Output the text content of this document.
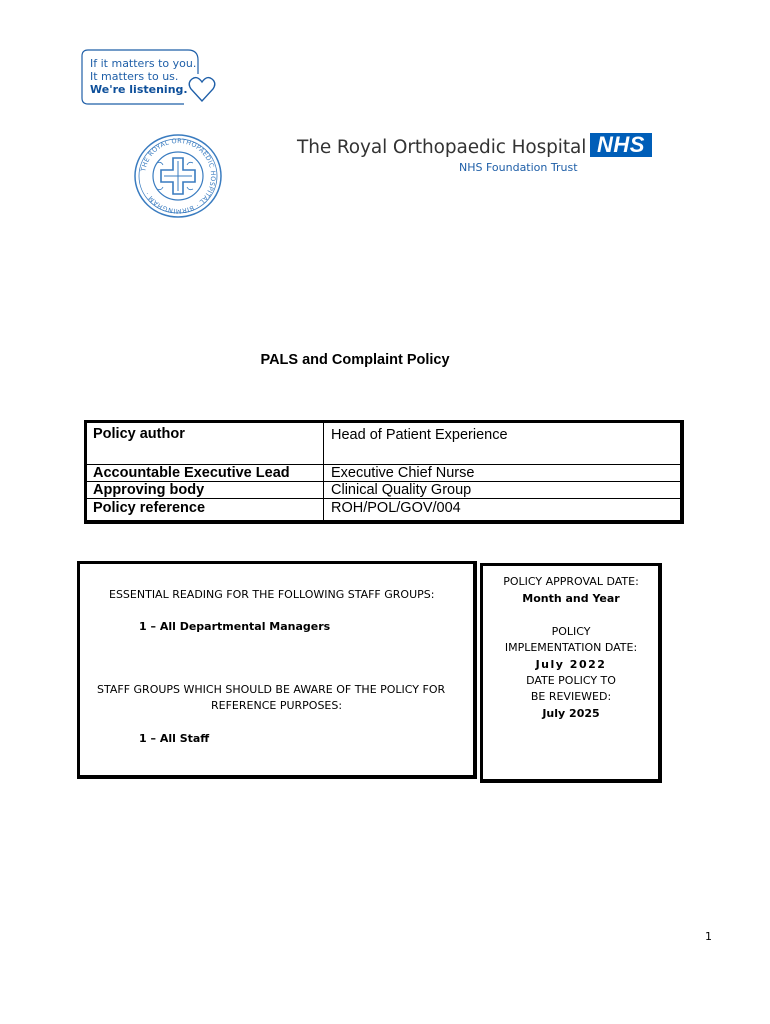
If it matters to you.
It matters to us.
We're listening.
THE ROYAL ORTHOPAEDIC HOSPITAL · BIRMINGHAM ·
The Royal Orthopaedic Hospital
NHS Foundation Trust
NHS
PALS and Complaint Policy
Policy author	Head of Patient Experience
Accountable Executive Lead	Executive Chief Nurse
Approving body	Clinical Quality Group
Policy reference	ROH/POL/GOV/004
ESSENTIAL READING FOR THE FOLLOWING STAFF GROUPS:
1 – All Departmental Managers
STAFF GROUPS WHICH SHOULD BE AWARE OF THE POLICY FOR
REFERENCE PURPOSES:
1 – All Staff
POLICY APPROVAL DATE:
Month and Year
POLICY
IMPLEMENTATION DATE:
July 2022
DATE POLICY TO
BE REVIEWED:
July 2025
1
